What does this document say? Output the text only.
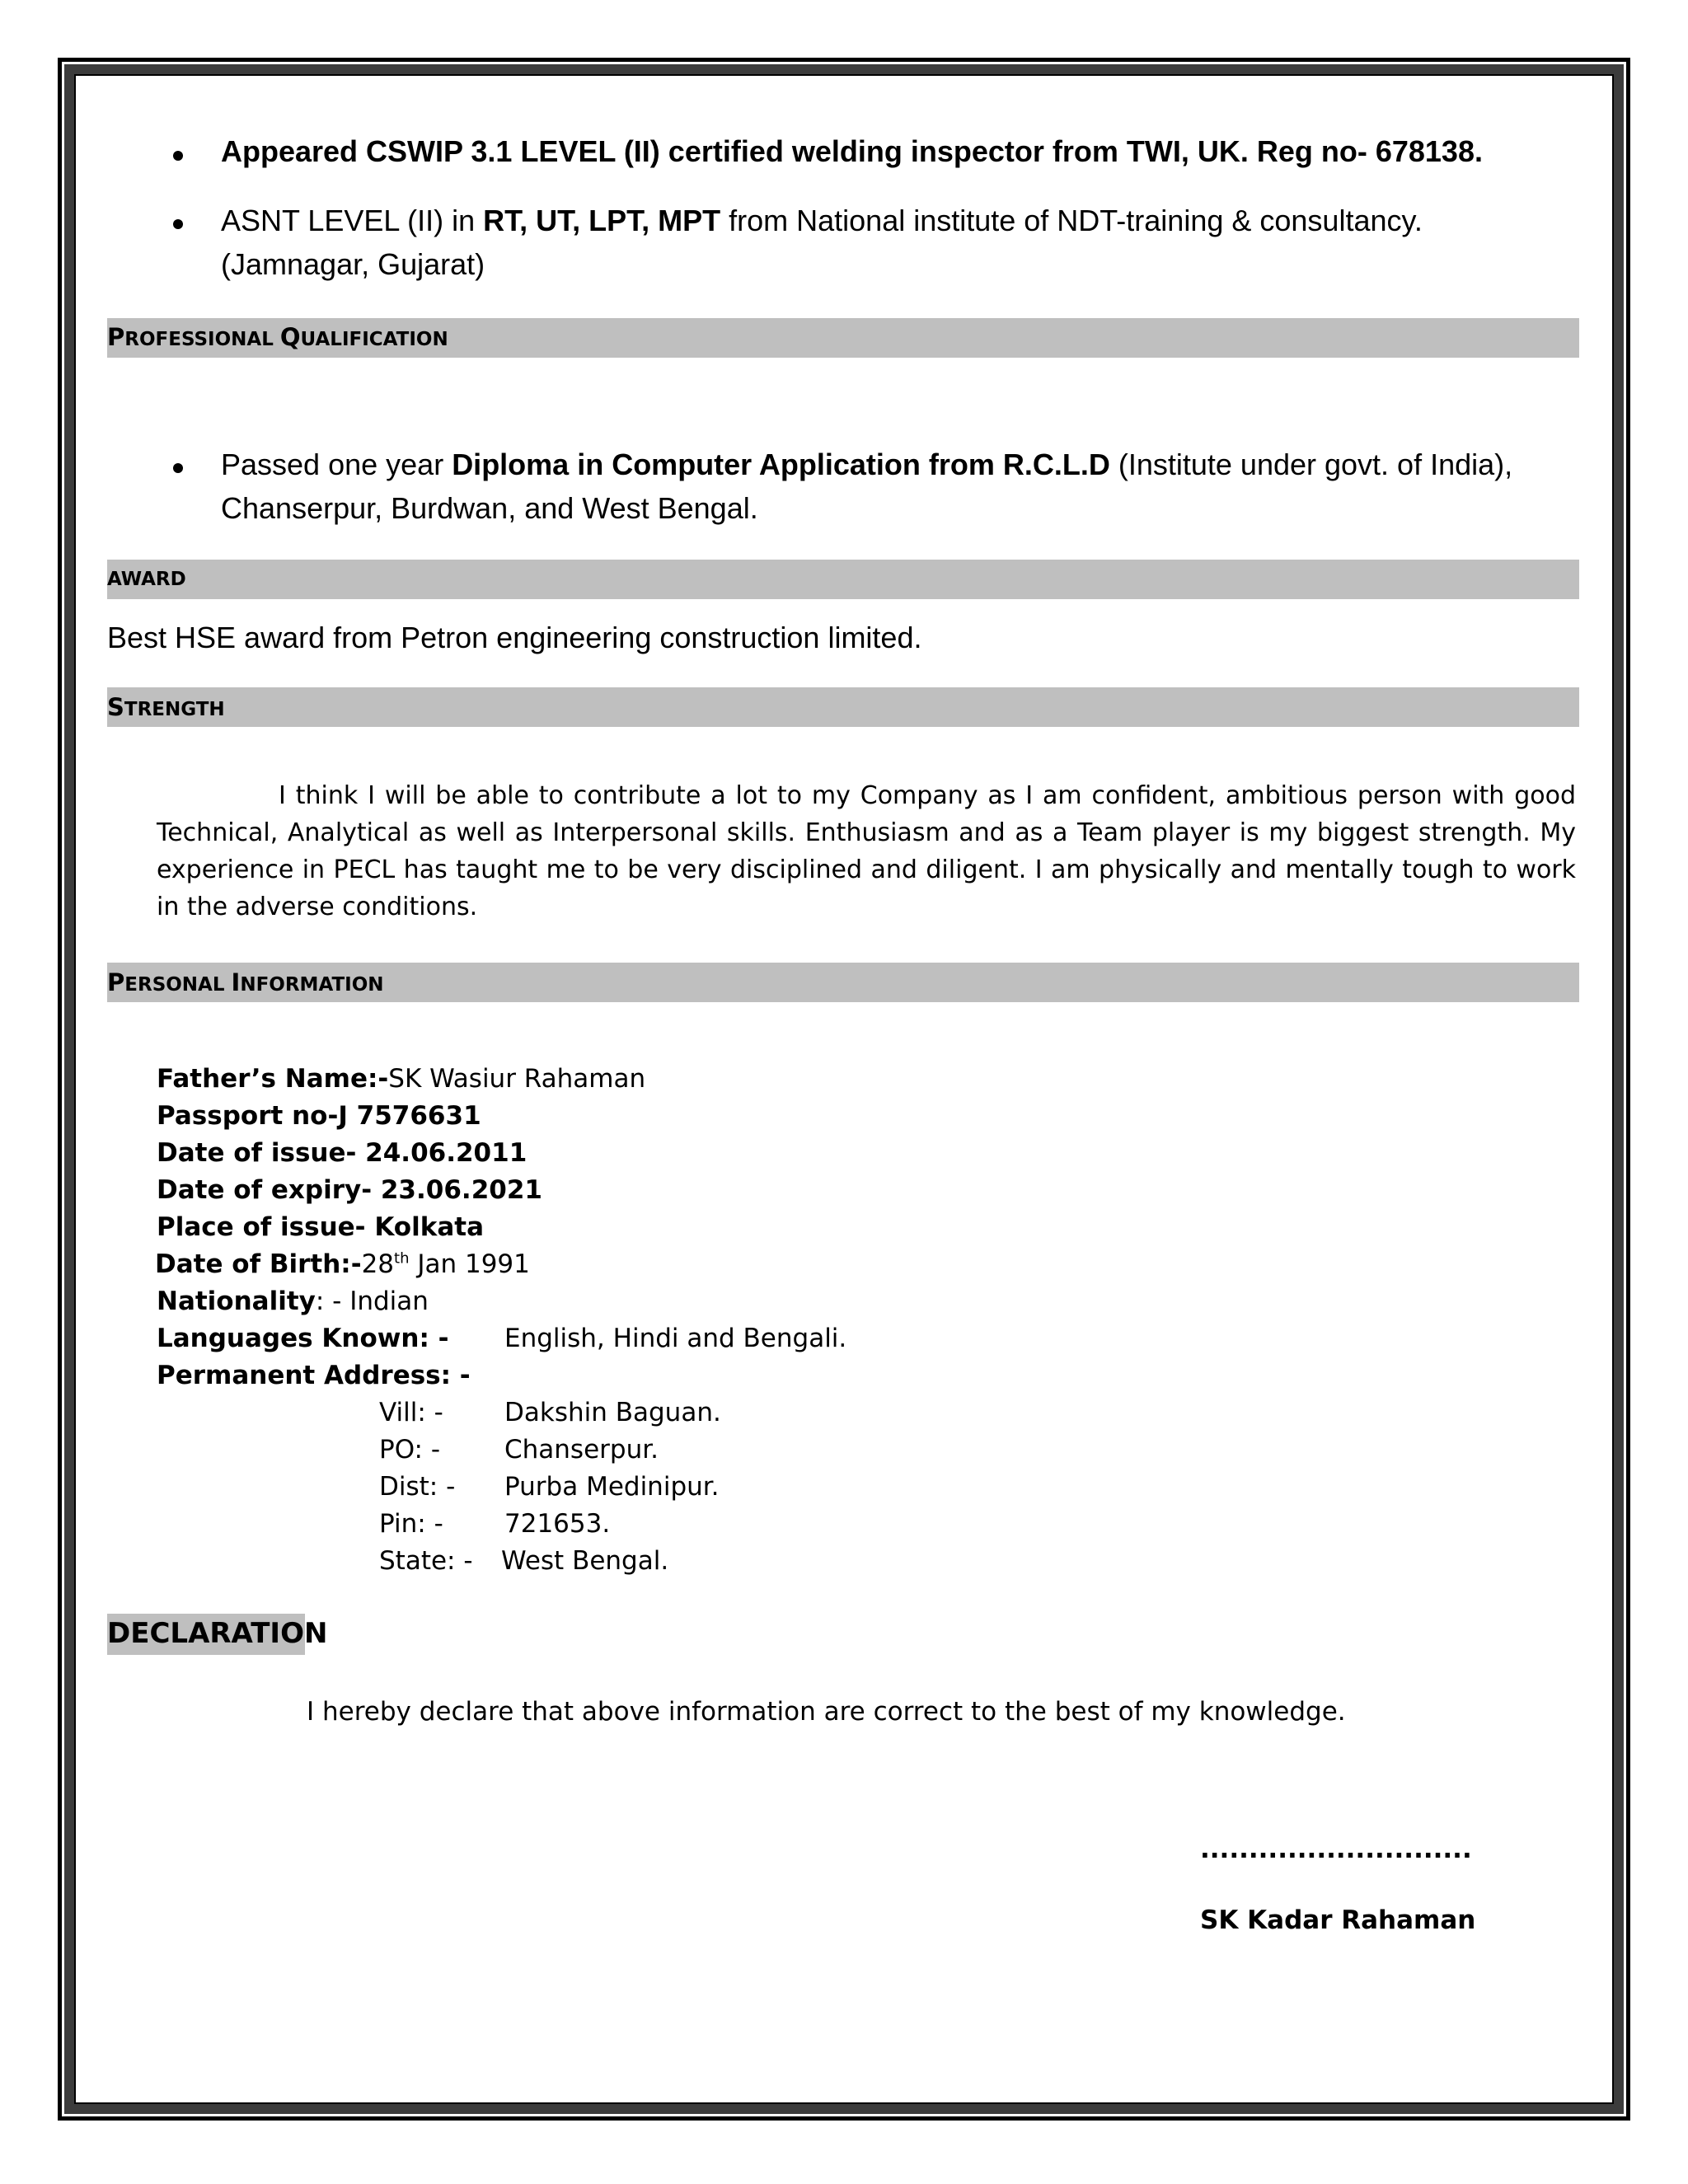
Appeared CSWIP 3.1 LEVEL (II) certified welding inspector from TWI, UK. Reg no- 678138.
ASNT LEVEL (II) in RT, UT, LPT, MPT from National institute of NDT-training & consultancy.
(Jamnagar, Gujarat)
PROFESSIONAL QUALIFICATION
Passed one year Diploma in Computer Application from R.C.L.D (Institute under govt. of India),
Chanserpur, Burdwan, and West Bengal.
AWARD
Best HSE award from Petron engineering construction limited.
STRENGTH
I think I will be able to contribute a lot to my Company as I am confident, ambitious person with good Technical, Analytical as well as Interpersonal skills. Enthusiasm and as a Team player is my biggest strength. My experience in PECL has taught me to be very disciplined and diligent. I am physically and mentally tough to work in the adverse conditions.
PERSONAL INFORMATION
Father’s Name:-SK Wasiur Rahaman
Passport no-J 7576631
Date of issue- 24.06.2011
Date of expiry- 23.06.2021
Place of issue- Kolkata
Date of Birth:-28th Jan 1991
Nationality: - Indian
Languages Known: - English, Hindi and Bengali.
Permanent Address: -
Vill: - Dakshin Baguan.
PO: -	Chanserpur.
Dist: - Purba Medinipur.
Pin: - 721653.
State: - West Bengal.
DECLARATION
I hereby declare that above information are correct to the best of my knowledge.
............................
SK Kadar Rahaman
